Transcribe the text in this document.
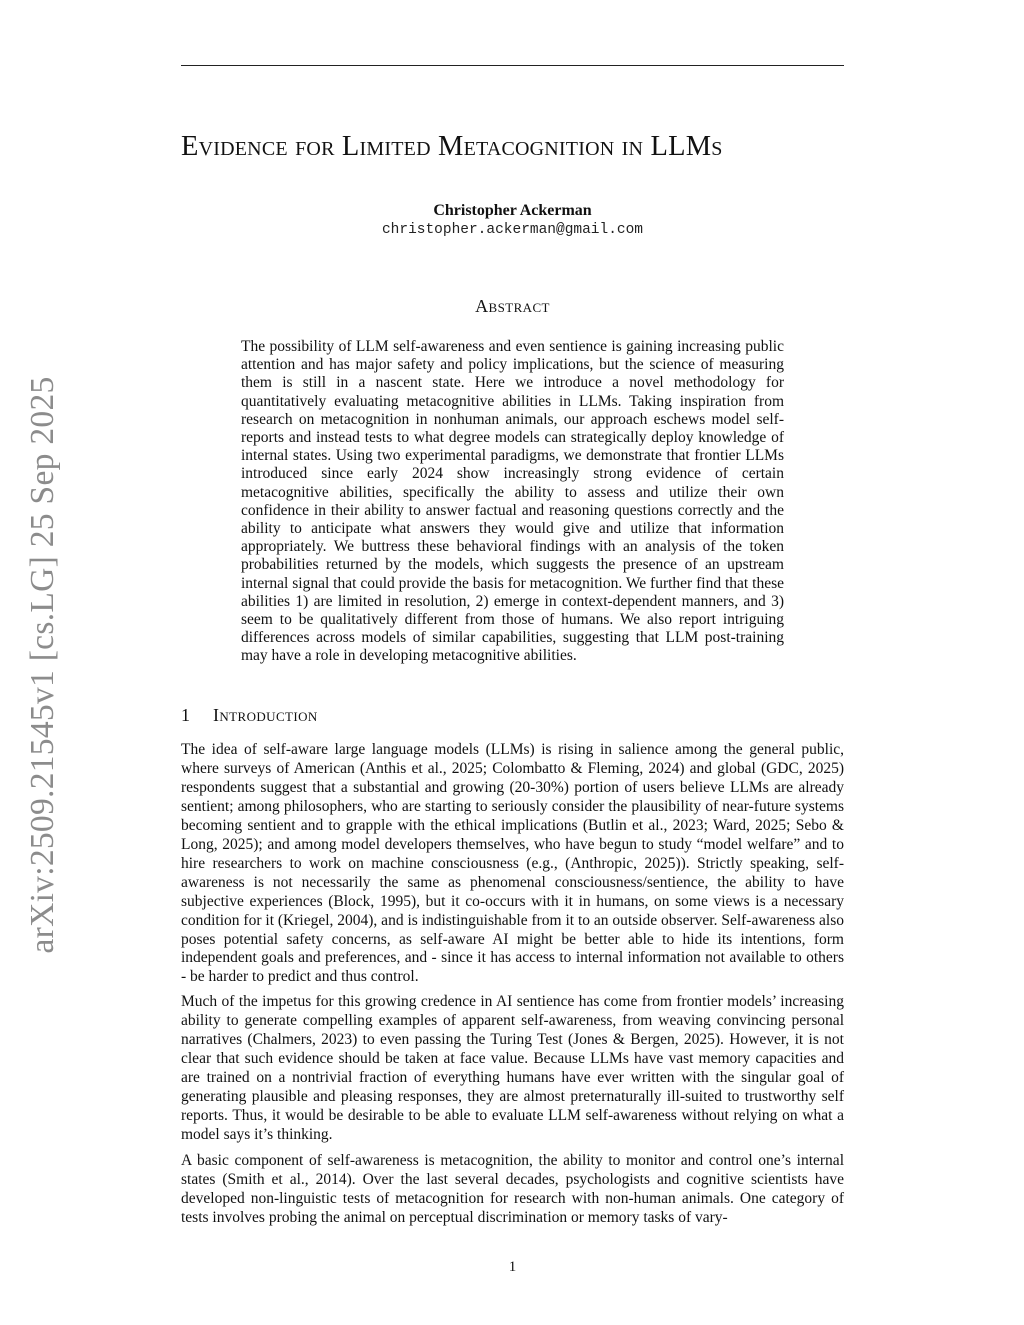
arXiv:2509.21545v1 [cs.LG] 25 Sep 2025
Evidence for Limited Metacognition in LLMs
Christopher Ackerman
christopher.ackerman@gmail.com
Abstract

The possibility of LLM self-awareness and even sentience is gaining increasing public attention and has major safety and policy implications, but the science of measuring them is still in a nascent state. Here we introduce a novel methodology for quantitatively evaluating metacognitive abilities in LLMs. Taking inspiration from research on metacognition in nonhuman animals, our approach eschews model self-reports and instead tests to what degree models can strategically deploy knowledge of internal states. Using two experimental paradigms, we demonstrate that frontier LLMs introduced since early 2024 show increasingly strong evidence of certain metacognitive abilities, specifically the ability to assess and utilize their own confidence in their ability to answer factual and reasoning questions correctly and the ability to anticipate what answers they would give and utilize that information appropriately. We buttress these behavioral findings with an analysis of the token probabilities returned by the models, which suggests the presence of an upstream internal signal that could provide the basis for metacognition. We further find that these abilities 1) are limited in resolution, 2) emerge in context-dependent manners, and 3) seem to be qualitatively different from those of humans. We also report intriguing differences across models of similar capabilities, suggesting that LLM post-training may have a role in developing metacognitive abilities.

1 Introduction

The idea of self-aware large language models (LLMs) is rising in salience among the general public, where surveys of American (Anthis et al., 2025; Colombatto & Fleming, 2024) and global (GDC, 2025) respondents suggest that a substantial and growing (20-30%) portion of users believe LLMs are already sentient; among philosophers, who are starting to seriously consider the plausibility of near-future systems becoming sentient and to grapple with the ethical implications (Butlin et al., 2023; Ward, 2025; Sebo & Long, 2025); and among model developers themselves, who have begun to study “model welfare” and to hire researchers to work on machine consciousness (e.g., (Anthropic, 2025)). Strictly speaking, self-awareness is not necessarily the same as phenomenal consciousness/sentience, the ability to have subjective experiences (Block, 1995), but it co-occurs with it in humans, on some views is a necessary condition for it (Kriegel, 2004), and is indistinguishable from it to an outside observer. Self-awareness also poses potential safety concerns, as self-aware AI might be better able to hide its intentions, form independent goals and preferences, and - since it has access to internal information not available to others - be harder to predict and thus control.

Much of the impetus for this growing credence in AI sentience has come from frontier models’ increasing ability to generate compelling examples of apparent self-awareness, from weaving convincing personal narratives (Chalmers, 2023) to even passing the Turing Test (Jones & Bergen, 2025). However, it is not clear that such evidence should be taken at face value. Because LLMs have vast memory capacities and are trained on a nontrivial fraction of everything humans have ever written with the singular goal of generating plausible and pleasing responses, they are almost preternaturally ill-suited to trustworthy self reports. Thus, it would be desirable to be able to evaluate LLM self-awareness without relying on what a model says it’s thinking.

A basic component of self-awareness is metacognition, the ability to monitor and control one’s internal states (Smith et al., 2014). Over the last several decades, psychologists and cognitive scientists have developed non-linguistic tests of metacognition for research with non-human animals. One category of tests involves probing the animal on perceptual discrimination or memory tasks of vary-

1
